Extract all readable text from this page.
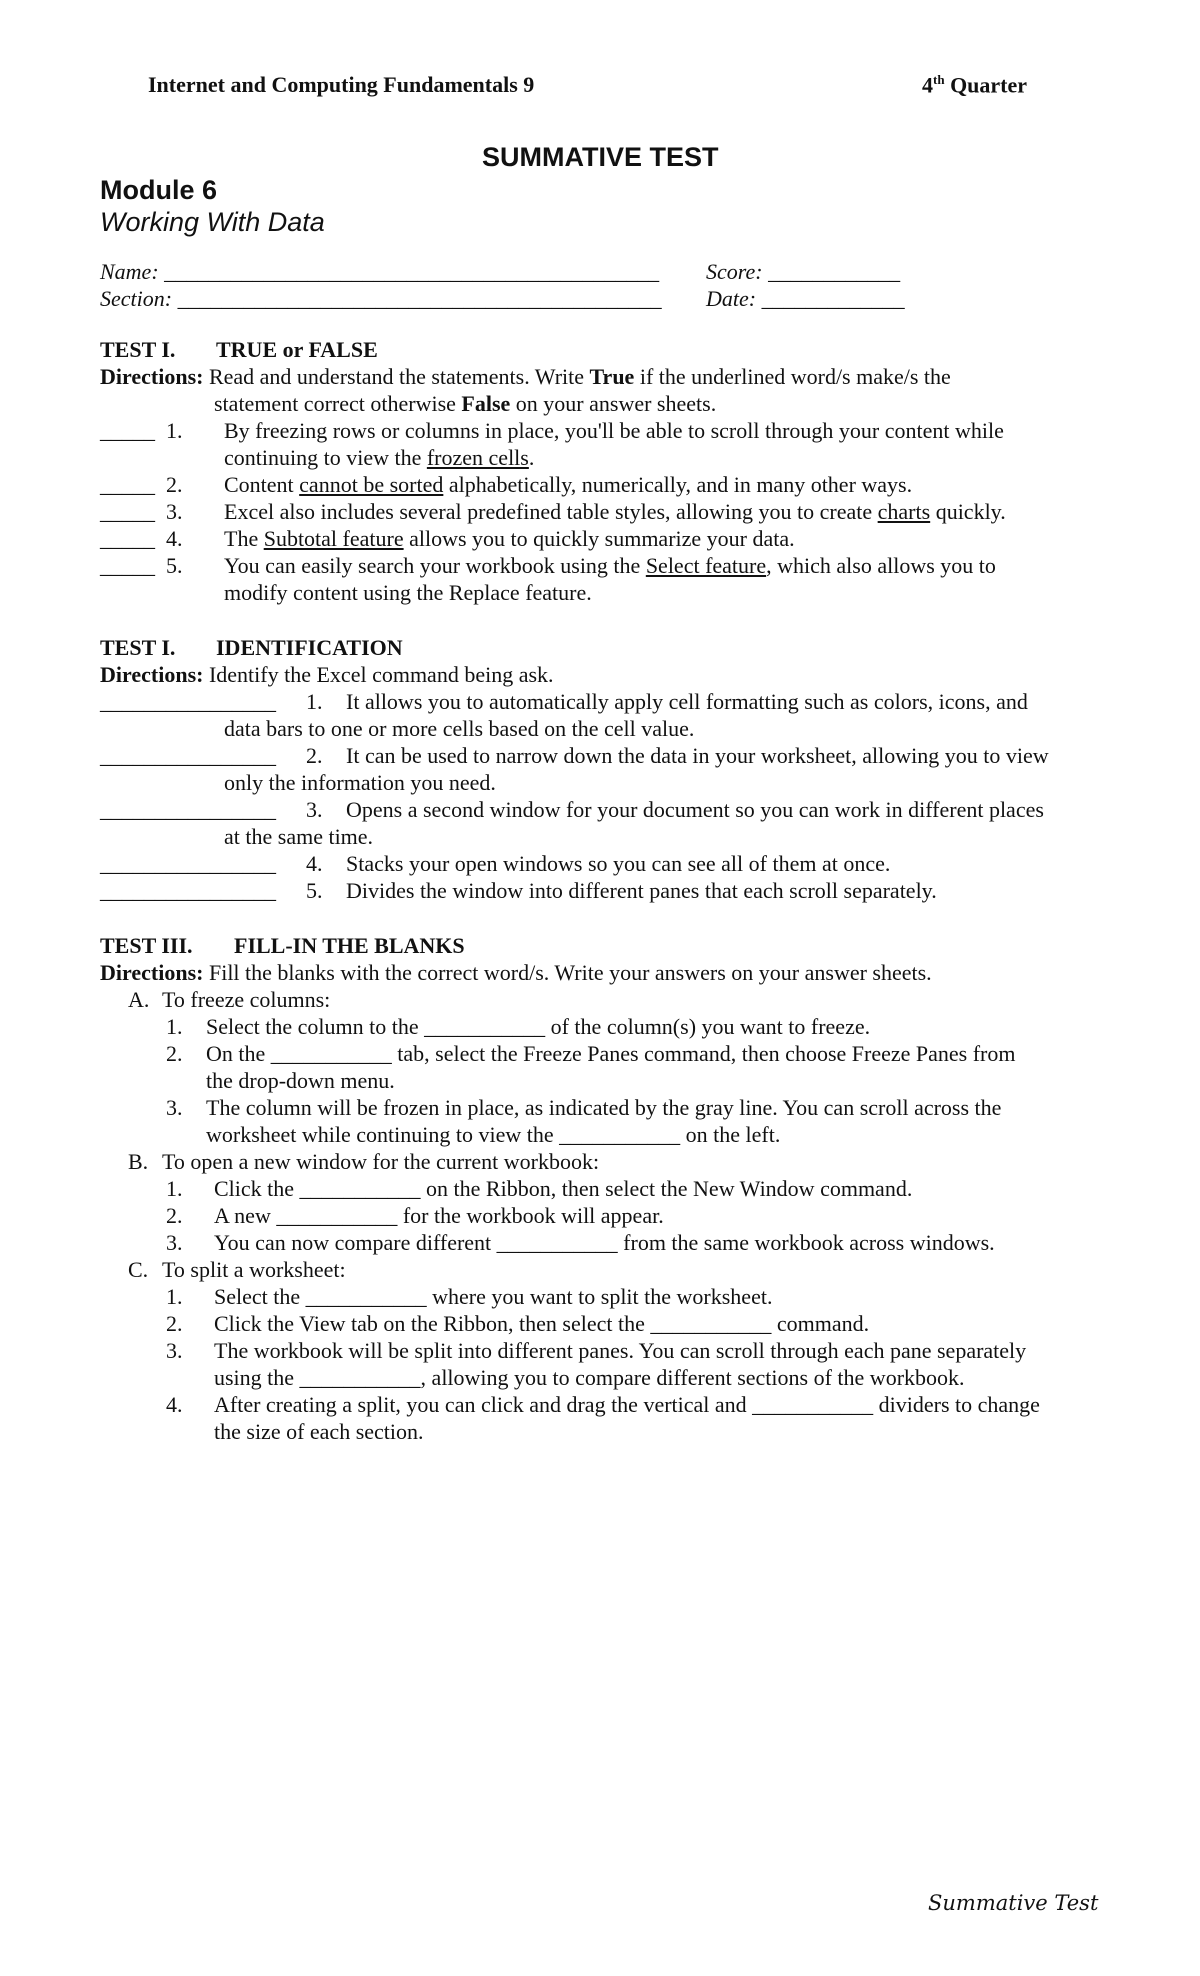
Internet and Computing Fundamentals 9	4th Quarter
SUMMATIVE TEST
Module 6
Working With Data
Name: _____________________________________________ Score: ____________
Section: ____________________________________________ Date: _____________
TEST I. TRUE or FALSE
Directions: Read and understand the statements. Write True if the underlined word/s make/s the
statement correct otherwise False on your answer sheets.
_____ 1. By freezing rows or columns in place, you'll be able to scroll through your content while
continuing to view the frozen cells.
_____ 2. Content cannot be sorted alphabetically, numerically, and in many other ways.
_____ 3. Excel also includes several predefined table styles, allowing you to create charts quickly.
_____ 4. The Subtotal feature allows you to quickly summarize your data.
_____ 5. You can easily search your workbook using the Select feature, which also allows you to
modify content using the Replace feature.
TEST I. IDENTIFICATION
Directions: Identify the Excel command being ask.
________________ 1. It allows you to automatically apply cell formatting such as colors, icons, and
data bars to one or more cells based on the cell value.
________________ 2. It can be used to narrow down the data in your worksheet, allowing you to view
only the information you need.
________________ 3. Opens a second window for your document so you can work in different places
at the same time.
________________ 4. Stacks your open windows so you can see all of them at once.
________________ 5. Divides the window into different panes that each scroll separately.
TEST III. FILL-IN THE BLANKS
Directions: Fill the blanks with the correct word/s. Write your answers on your answer sheets.
A. To freeze columns:
1. Select the column to the ___________ of the column(s) you want to freeze.
2. On the ___________ tab, select the Freeze Panes command, then choose Freeze Panes from
the drop-down menu.
3. The column will be frozen in place, as indicated by the gray line. You can scroll across the
worksheet while continuing to view the ___________ on the left.
B. To open a new window for the current workbook:
1. Click the ___________ on the Ribbon, then select the New Window command.
2. A new ___________ for the workbook will appear.
3. You can now compare different ___________ from the same workbook across windows.
C. To split a worksheet:
1. Select the ___________ where you want to split the worksheet.
2. Click the View tab on the Ribbon, then select the ___________ command.
3. The workbook will be split into different panes. You can scroll through each pane separately
using the ___________, allowing you to compare different sections of the workbook.
4. After creating a split, you can click and drag the vertical and ___________ dividers to change
the size of each section.
Summative Test
